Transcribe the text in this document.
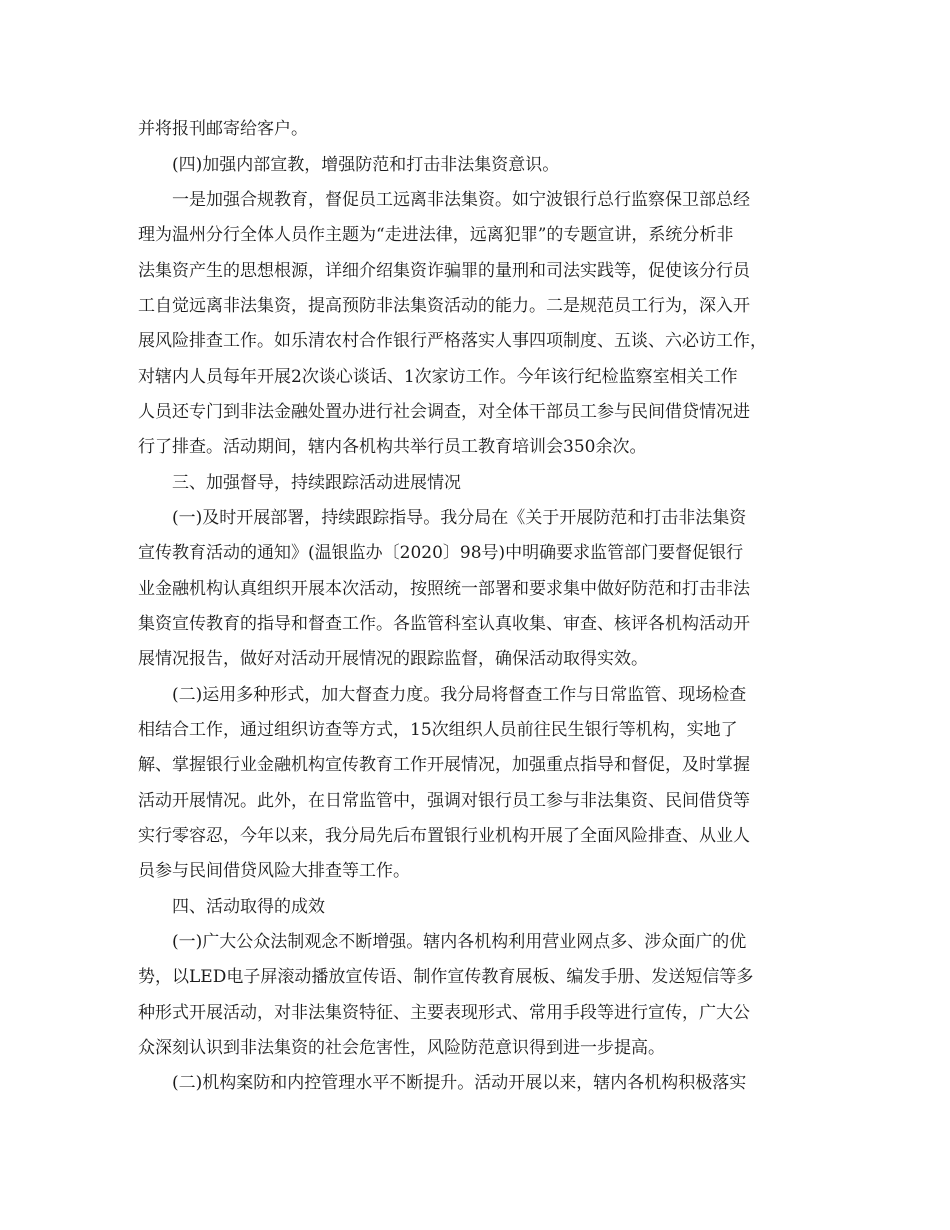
并将报刊邮寄给客户。
(四)加强内部宣教，增强防范和打击非法集资意识。
一是加强合规教育，督促员工远离非法集资。如宁波银行总行监察保卫部总经
理为温州分行全体人员作主题为“走进法律，远离犯罪”的专题宣讲，系统分析非
法集资产生的思想根源，详细介绍集资诈骗罪的量刑和司法实践等，促使该分行员
工自觉远离非法集资，提高预防非法集资活动的能力。二是规范员工行为，深入开
展风险排查工作。如乐清农村合作银行严格落实人事四项制度、五谈、六必访工作，
对辖内人员每年开展2次谈心谈话、1次家访工作。今年该行纪检监察室相关工作
人员还专门到非法金融处置办进行社会调查，对全体干部员工参与民间借贷情况进
行了排查。活动期间，辖内各机构共举行员工教育培训会350余次。
三、加强督导，持续跟踪活动进展情况
(一)及时开展部署，持续跟踪指导。我分局在《关于开展防范和打击非法集资
宣传教育活动的通知》(温银监办〔2020〕98号)中明确要求监管部门要督促银行
业金融机构认真组织开展本次活动，按照统一部署和要求集中做好防范和打击非法
集资宣传教育的指导和督查工作。各监管科室认真收集、审查、核评各机构活动开
展情况报告，做好对活动开展情况的跟踪监督，确保活动取得实效。
(二)运用多种形式，加大督查力度。我分局将督查工作与日常监管、现场检查
相结合工作，通过组织访查等方式，15次组织人员前往民生银行等机构，实地了
解、掌握银行业金融机构宣传教育工作开展情况，加强重点指导和督促，及时掌握
活动开展情况。此外，在日常监管中，强调对银行员工参与非法集资、民间借贷等
实行零容忍，今年以来，我分局先后布置银行业机构开展了全面风险排查、从业人
员参与民间借贷风险大排查等工作。
四、活动取得的成效
(一)广大公众法制观念不断增强。辖内各机构利用营业网点多、涉众面广的优
势，以LED电子屏滚动播放宣传语、制作宣传教育展板、编发手册、发送短信等多
种形式开展活动，对非法集资特征、主要表现形式、常用手段等进行宣传，广大公
众深刻认识到非法集资的社会危害性，风险防范意识得到进一步提高。
(二)机构案防和内控管理水平不断提升。活动开展以来，辖内各机构积极落实
